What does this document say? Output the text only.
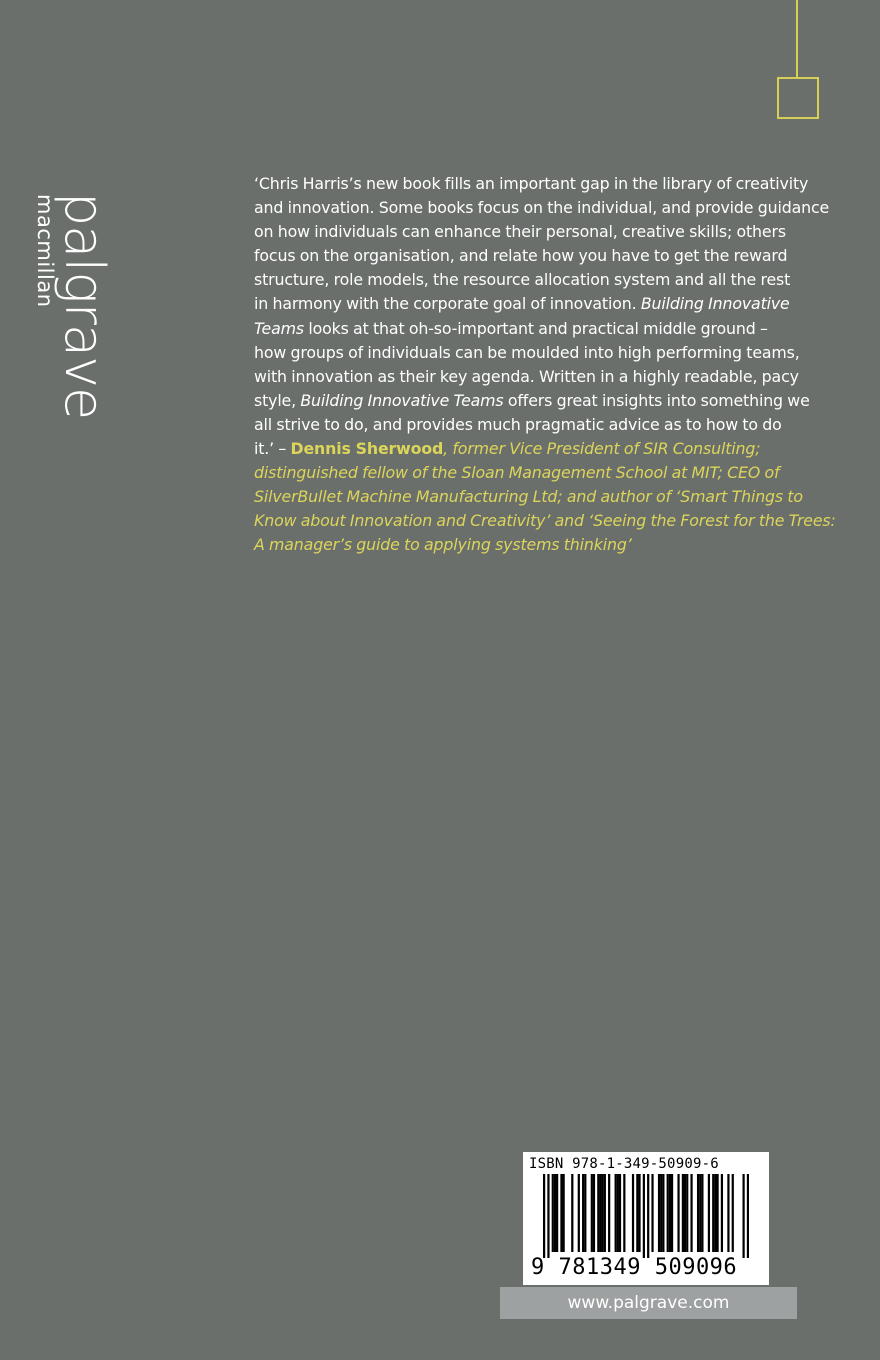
palgrave
macmillan
‘Chris Harris’s new book fills an important gap in the library of creativity
and innovation. Some books focus on the individual, and provide guidance
on how individuals can enhance their personal, creative skills; others
focus on the organisation, and relate how you have to get the reward
structure, role models, the resource allocation system and all the rest
in harmony with the corporate goal of innovation. Building Innovative
Teams looks at that oh-so-important and practical middle ground –
how groups of individuals can be moulded into high performing teams,
with innovation as their key agenda. Written in a highly readable, pacy
style, Building Innovative Teams offers great insights into something we
all strive to do, and provides much pragmatic advice as to how to do
it.’ – Dennis Sherwood, former Vice President of SIR Consulting;
distinguished fellow of the Sloan Management School at MIT; CEO of
SilverBullet Machine Manufacturing Ltd; and author of ‘Smart Things to
Know about Innovation and Creativity’ and ‘Seeing the Forest for the Trees:
A manager’s guide to applying systems thinking’
ISBN 978-1-349-50909-6
9 781349 509096
www.palgrave.com
